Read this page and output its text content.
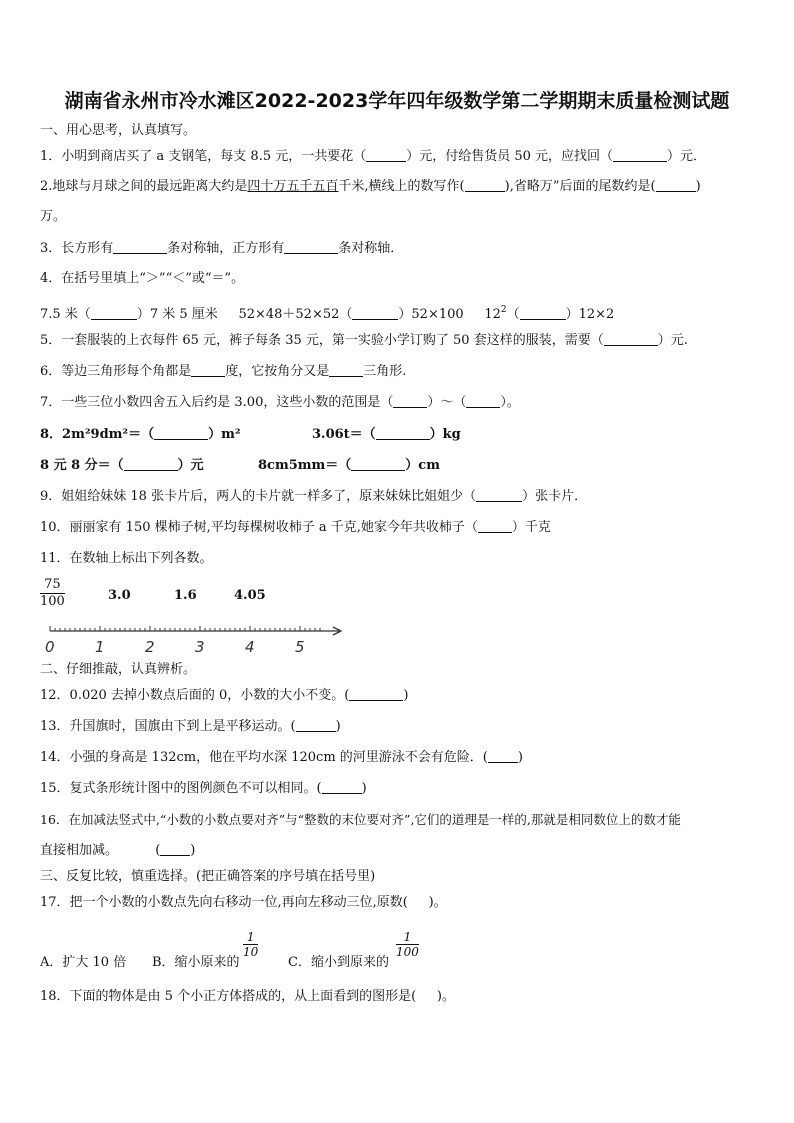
湖南省永州市冷水滩区2022-2023学年四年级数学第二学期期末质量检测试题
一、用心思考，认真填写。
1．小明到商店买了 a 支钢笔，每支 8.5 元，一共要花（	）元，付给售货员 50 元，应找回（	）元．
2.地球与月球之间的最远距离大约是四十万五千五百千米,横线上的数写作(	),省略万”后面的尾数约是(	)
万。
3．长方形有	条对称轴，正方形有	条对称轴．
4．在括号里填上“＞”“＜”或“＝”。
7.5 米（	）7 米 5 厘米 52×48＋52×52（	）52×100 $12^2$（	）12×2
5．一套服装的上衣每件 65 元，裤子每条 35 元，第一实验小学订购了 50 套这样的服装，需要（	）元.
6．等边三角形每个角都是	度，它按角分又是	三角形.
7．一些三位小数四舍五入后约是 3.00，这些小数的范围是（	）～（	）。
8．2m²9dm²＝（	）m²	3.06t＝（	）kg
8 元 8 分＝（	）元	8cm5mm＝（	）cm
9．姐姐给妹妹 18 张卡片后，两人的卡片就一样多了，原来妹妹比姐姐少（	）张卡片．
10．丽丽家有 150 棵柿子树,平均每棵树收柿子 a 千克,她家今年共收柿子（	）千克
11．在数轴上标出下列各数。
$\frac{75}{100}$	3.0	1.6	4.05
0	1	2	3	4	5
二、仔细推敲，认真辨析。
12．0.020 去掉小数点后面的 0，小数的大小不变。(	)
13．升国旗时，国旗由下到上是平移运动。(	)
14．小强的身高是 132cm，他在平均水深 120cm 的河里游泳不会有危险．( )
15．复式条形统计图中的图例颜色不可以相同。(	)
16．在加减法竖式中,“小数的小数点要对齐”与“整数的末位要对齐”,它们的道理是一样的,那就是相同数位上的数才能
直接相加减。	( )
三、反复比较，慎重选择。(把正确答案的序号填在括号里)
17．把一个小数的小数点先向右移动一位,再向左移动三位,原数( )。
A．扩大 10 倍 B．缩小原来的
$\frac{1}{10}$
C．缩小到原来的
$\frac{1}{100}$
18．下面的物体是由 5 个小正方体搭成的，从上面看到的图形是( )。
